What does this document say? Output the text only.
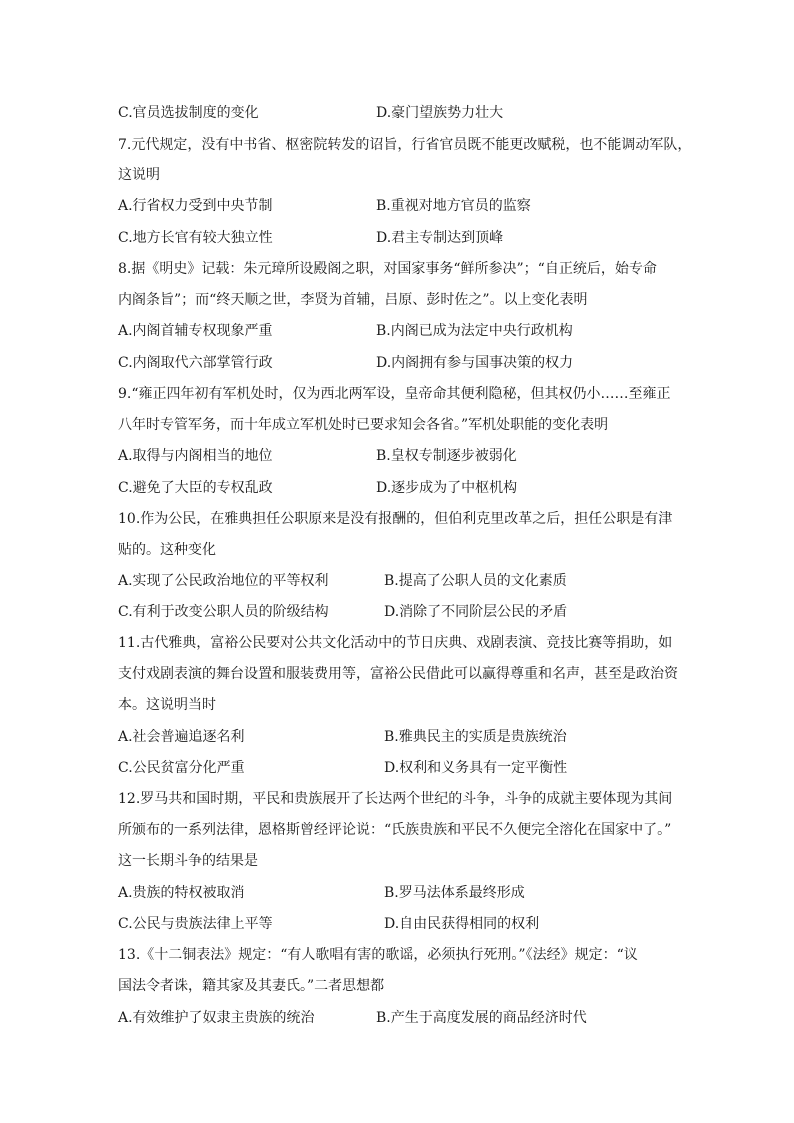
C.官员选拔制度的变化	D.豪门望族势力壮大
7.元代规定，没有中书省、枢密院转发的诏旨，行省官员既不能更改赋税，也不能调动军队，
这说明
A.行省权力受到中央节制	B.重视对地方官员的监察
C.地方长官有较大独立性	D.君主专制达到顶峰
8.据《明史》记载：朱元璋所设殿阁之职，对国家事务“鲜所参决”；“自正统后，始专命
内阁条旨”；而“终天顺之世，李贤为首辅，吕原、彭时佐之”。以上变化表明
A.内阁首辅专权现象严重	B.内阁已成为法定中央行政机构
C.内阁取代六部掌管行政	D.内阁拥有参与国事决策的权力
9.“雍正四年初有军机处时，仅为西北两军设，皇帝命其便利隐秘，但其权仍小……至雍正
八年时专管军务，而十年成立军机处时已要求知会各省。”军机处职能的变化表明
A.取得与内阁相当的地位	B.皇权专制逐步被弱化
C.避免了大臣的专权乱政	D.逐步成为了中枢机构
10.作为公民，在雅典担任公职原来是没有报酬的，但伯利克里改革之后，担任公职是有津
贴的。这种变化
A.实现了公民政治地位的平等权利	B.提高了公职人员的文化素质
C.有利于改变公职人员的阶级结构	D.消除了不同阶层公民的矛盾
11.古代雅典，富裕公民要对公共文化活动中的节日庆典、戏剧表演、竞技比赛等捐助，如
支付戏剧表演的舞台设置和服装费用等，富裕公民借此可以赢得尊重和名声，甚至是政治资
本。这说明当时
A.社会普遍追逐名利	B.雅典民主的实质是贵族统治
C.公民贫富分化严重	D.权利和义务具有一定平衡性
12.罗马共和国时期，平民和贵族展开了长达两个世纪的斗争，斗争的成就主要体现为其间
所颁布的一系列法律，恩格斯曾经评论说：“氏族贵族和平民不久便完全溶化在国家中了。”
这一长期斗争的结果是
A.贵族的特权被取消	B.罗马法体系最终形成
C.公民与贵族法律上平等	D.自由民获得相同的权利
13.《十二铜表法》规定：“有人歌唱有害的歌谣，必须执行死刑。”《法经》规定：“议
国法令者诛，籍其家及其妻氏。”二者思想都
A.有效维护了奴隶主贵族的统治	B.产生于高度发展的商品经济时代
